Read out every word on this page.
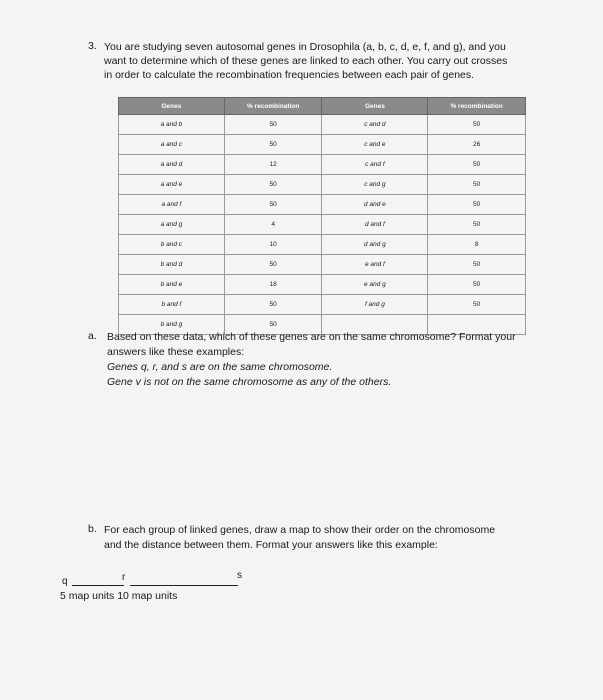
3. You are studying seven autosomal genes in Drosophila (a, b, c, d, e, f, and g), and you
want to determine which of these genes are linked to each other. You carry out crosses
in order to calculate the recombination frequencies between each pair of genes.
Genes	% recombination	Genes	% recombination
a and b	50	c and d	50
a and c	50	c and e	26
a and d	12	c and f	50
a and e	50	c and g	50
a and f	50	d and e	50
a and g	4	d and f	50
b and c	10	d and g	8
b and d	50	e and f	50
b and e	18	e and g	50
b and f	50	f and g	50
b and g	50		
a. Based on these data, which of these genes are on the same chromosome? Format your
answers like these examples:
Genes q, r, and s are on the same chromosome.
Gene v is not on the same chromosome as any of the others.
b. For each group of linked genes, draw a map to show their order on the chromosome
and the distance between them. Format your answers like this example:
q	r	s
5 map units 10 map units
